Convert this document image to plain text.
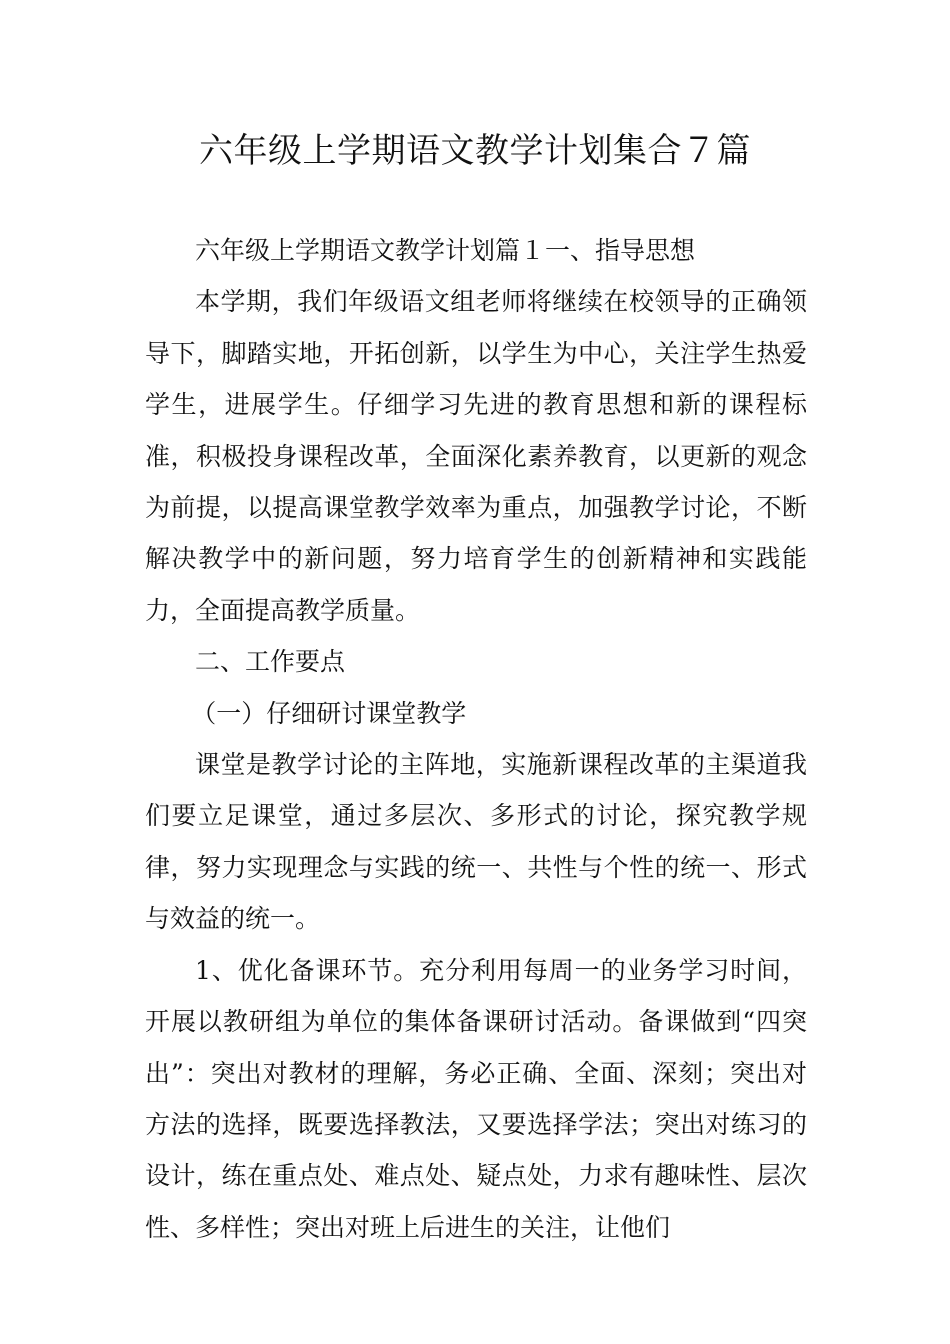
六年级上学期语文教学计划集合７篇

六年级上学期语文教学计划篇１一、指导思想

本学期，我们年级语文组老师将继续在校领导的正确领导下，脚踏实地，开拓创新，以学生为中心，关注学生热爱学生，进展学生。仔细学习先进的教育思想和新的课程标准，积极投身课程改革，全面深化素养教育，以更新的观念为前提，以提高课堂教学效率为重点，加强教学讨论，不断解决教学中的新问题，努力培育学生的创新精神和实践能力，全面提高教学质量。

二、工作要点

（一）仔细研讨课堂教学

课堂是教学讨论的主阵地，实施新课程改革的主渠道我们要立足课堂，通过多层次、多形式的讨论，探究教学规律，努力实现理念与实践的统一、共性与个性的统一、形式与效益的统一。

1、优化备课环节。充分利用每周一的业务学习时间，开展以教研组为单位的集体备课研讨活动。备课做到“四突出”：突出对教材的理解，务必正确、全面、深刻；突出对方法的选择，既要选择教法，又要选择学法；突出对练习的设计，练在重点处、难点处、疑点处，力求有趣味性、层次性、多样性；突出对班上后进生的关注，让他们
